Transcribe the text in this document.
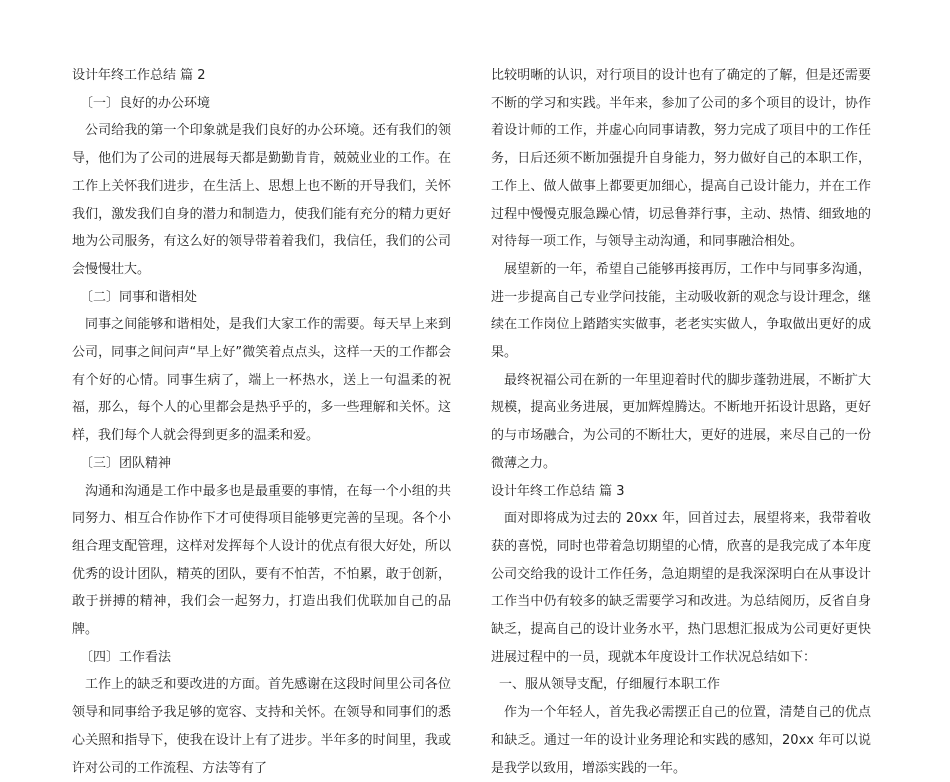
设计年终工作总结 篇 2

〔一〕良好的办公环境

公司给我的第一个印象就是我们良好的办公环境。还有我们的领导，他们为了公司的进展每天都是勤勤肯肯，兢兢业业的工作。在工作上关怀我们进步，在生活上、思想上也不断的开导我们，关怀我们，激发我们自身的潜力和制造力，使我们能有充分的精力更好地为公司服务，有这么好的领导带着着我们，我信任，我们的公司会慢慢壮大。

〔二〕同事和谐相处

同事之间能够和谐相处，是我们大家工作的需要。每天早上来到公司，同事之间问声“早上好”微笑着点点头，这样一天的工作都会有个好的心情。同事生病了，端上一杯热水，送上一句温柔的祝福，那么，每个人的心里都会是热乎乎的，多一些理解和关怀。这样，我们每个人就会得到更多的温柔和爱。

〔三〕团队精神

沟通和沟通是工作中最多也是最重要的事情，在每一个小组的共同努力、相互合作协作下才可使得项目能够更完善的呈现。各个小组合理支配管理，这样对发挥每个人设计的优点有很大好处，所以优秀的设计团队，精英的团队，要有不怕苦，不怕累，敢于创新，敢于拼搏的精神，我们会一起努力，打造出我们优联加自己的品牌。

〔四〕工作看法

工作上的缺乏和要改进的方面。首先感谢在这段时间里公司各位领导和同事给予我足够的宽容、支持和关怀。在领导和同事们的悉心关照和指导下，使我在设计上有了进步。半年多的时间里，我或许对公司的工作流程、方法等有了

比较明晰的认识，对行项目的设计也有了确定的了解，但是还需要不断的学习和实践。半年来，参加了公司的多个项目的设计，协作着设计师的工作，并虚心向同事请教，努力完成了项目中的工作任务，日后还须不断加强提升自身能力，努力做好自己的本职工作，工作上、做人做事上都要更加细心，提高自己设计能力，并在工作过程中慢慢克服急躁心情，切忌鲁莽行事，主动、热情、细致地的对待每一项工作，与领导主动沟通，和同事融洽相处。

展望新的一年，希望自己能够再接再厉，工作中与同事多沟通，进一步提高自己专业学问技能，主动吸收新的观念与设计理念，继续在工作岗位上踏踏实实做事，老老实实做人，争取做出更好的成果。

最终祝福公司在新的一年里迎着时代的脚步蓬勃进展，不断扩大规模，提高业务进展，更加辉煌腾达。不断地开拓设计思路，更好的与市场融合，为公司的不断壮大，更好的进展，来尽自己的一份微薄之力。

设计年终工作总结 篇 3

面对即将成为过去的 20xx 年，回首过去，展望将来，我带着收获的喜悦，同时也带着急切期望的心情，欣喜的是我完成了本年度公司交给我的设计工作任务，急迫期望的是我深深明白在从事设计工作当中仍有较多的缺乏需要学习和改进。为总结阅历，反省自身缺乏，提高自己的设计业务水平，热门思想汇报成为公司更好更快进展过程中的一员，现就本年度设计工作状况总结如下：

一、服从领导支配，仔细履行本职工作

作为一个年轻人，首先我必需摆正自己的位置，清楚自己的优点和缺乏。通过一年的设计业务理论和实践的感知，20xx 年可以说是我学以致用，增添实践的一年。
